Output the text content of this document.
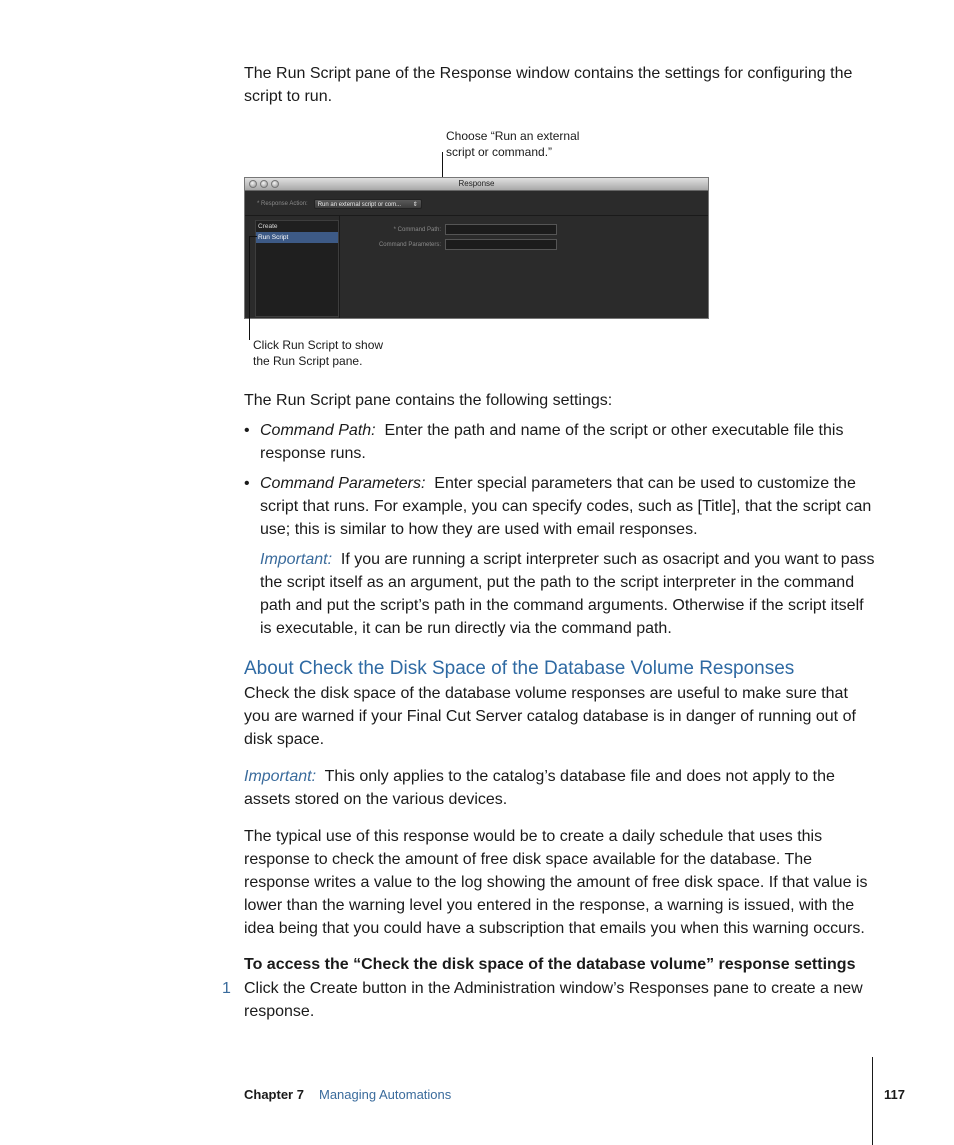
The Run Script pane of the Response window contains the settings for configuring the script to run.

Choose “Run an external script or command.”
Response
* Response Action:	Run an external script or com... ⇕
Create
Run Script
* Command Path:
Command Parameters:
Click Run Script to show the Run Script pane.

The Run Script pane contains the following settings:

• Command Path: Enter the path and name of the script or other executable file this response runs.
• Command Parameters: Enter special parameters that can be used to customize the script that runs. For example, you can specify codes, such as [Title], that the script can use; this is similar to how they are used with email responses.

Important: If you are running a script interpreter such as osacript and you want to pass the script itself as an argument, put the path to the script interpreter in the command path and put the script’s path in the command arguments. Otherwise if the script itself is executable, it can be run directly via the command path.

About Check the Disk Space of the Database Volume Responses

Check the disk space of the database volume responses are useful to make sure that you are warned if your Final Cut Server catalog database is in danger of running out of disk space.

Important: This only applies to the catalog’s database file and does not apply to the assets stored on the various devices.

The typical use of this response would be to create a daily schedule that uses this response to check the amount of free disk space available for the database. The response writes a value to the log showing the amount of free disk space. If that value is lower than the warning level you entered in the response, a warning is issued, with the idea being that you could have a subscription that emails you when this warning occurs.

To access the “Check the disk space of the database volume” response settings
1 Click the Create button in the Administration window’s Responses pane to create a new response.
Chapter 7 Managing Automations	117
